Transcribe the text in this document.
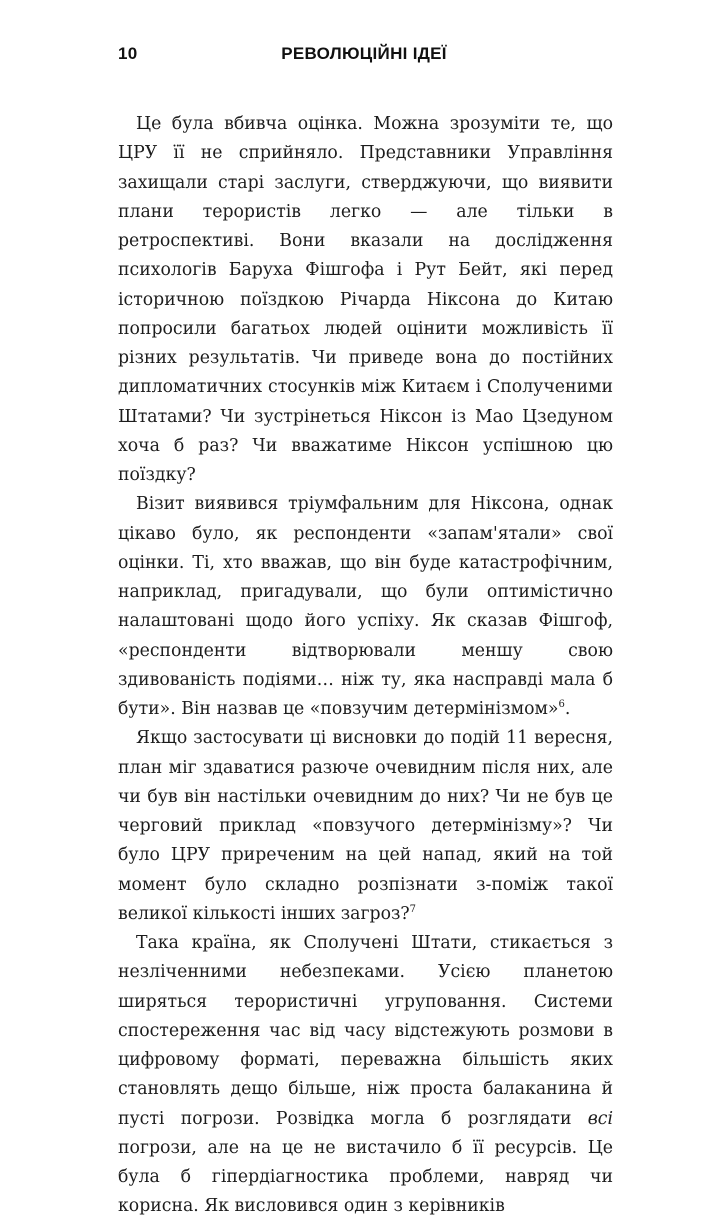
10	РЕВОЛЮЦІЙНІ ІДЕЇ

Це була вбивча оцінка. Можна зрозуміти те, що ЦРУ її не сприйняло. Представники Управління захищали старі заслуги, стверджуючи, що виявити плани терористів легко — але тільки в ретроспективі. Вони вказали на дослідження психологів Баруха Фішгофа і Рут Бейт, які перед історичною поїздкою Річарда Ніксона до Китаю попросили багатьох людей оцінити можливість її різних результатів. Чи приведе вона до постійних дипломатичних стосунків між Китаєм і Сполученими Штатами? Чи зустрінеться Ніксон із Мао Цзедуном хоча б раз? Чи вважатиме Ніксон успішною цю поїздку?

Візит виявився тріумфальним для Ніксона, однак цікаво було, як респонденти «запам'ятали» свої оцінки. Ті, хто вважав, що він буде катастрофічним, наприклад, пригадували, що були оптимістично налаштовані щодо його успіху. Як сказав Фішгоф, «респонденти відтворювали меншу свою здивованість подіями… ніж ту, яка насправді мала б бути». Він назвав це «повзучим детермінізмом»$^6$.

Якщо застосувати ці висновки до подій 11 вересня, план міг здаватися разюче очевидним після них, але чи був він настільки очевидним до них? Чи не був це черговий приклад «повзучого детермінізму»? Чи було ЦРУ приреченим на цей напад, який на той момент було складно розпізнати з-поміж такої великої кількості інших загроз?$^7$

Така країна, як Сполучені Штати, стикається з незліченними небезпеками. Усією планетою ширяться терористичні угруповання. Системи спостереження час від часу відстежують розмови в цифровому форматі, переважна більшість яких становлять дещо більше, ніж проста балаканина й пусті погрози. Розвідка могла б розглядати всі погрози, але на це не вистачило б її ресурсів. Це була б гіпердіагностика проблеми, навряд чи корисна. Як висловився один з керівників
